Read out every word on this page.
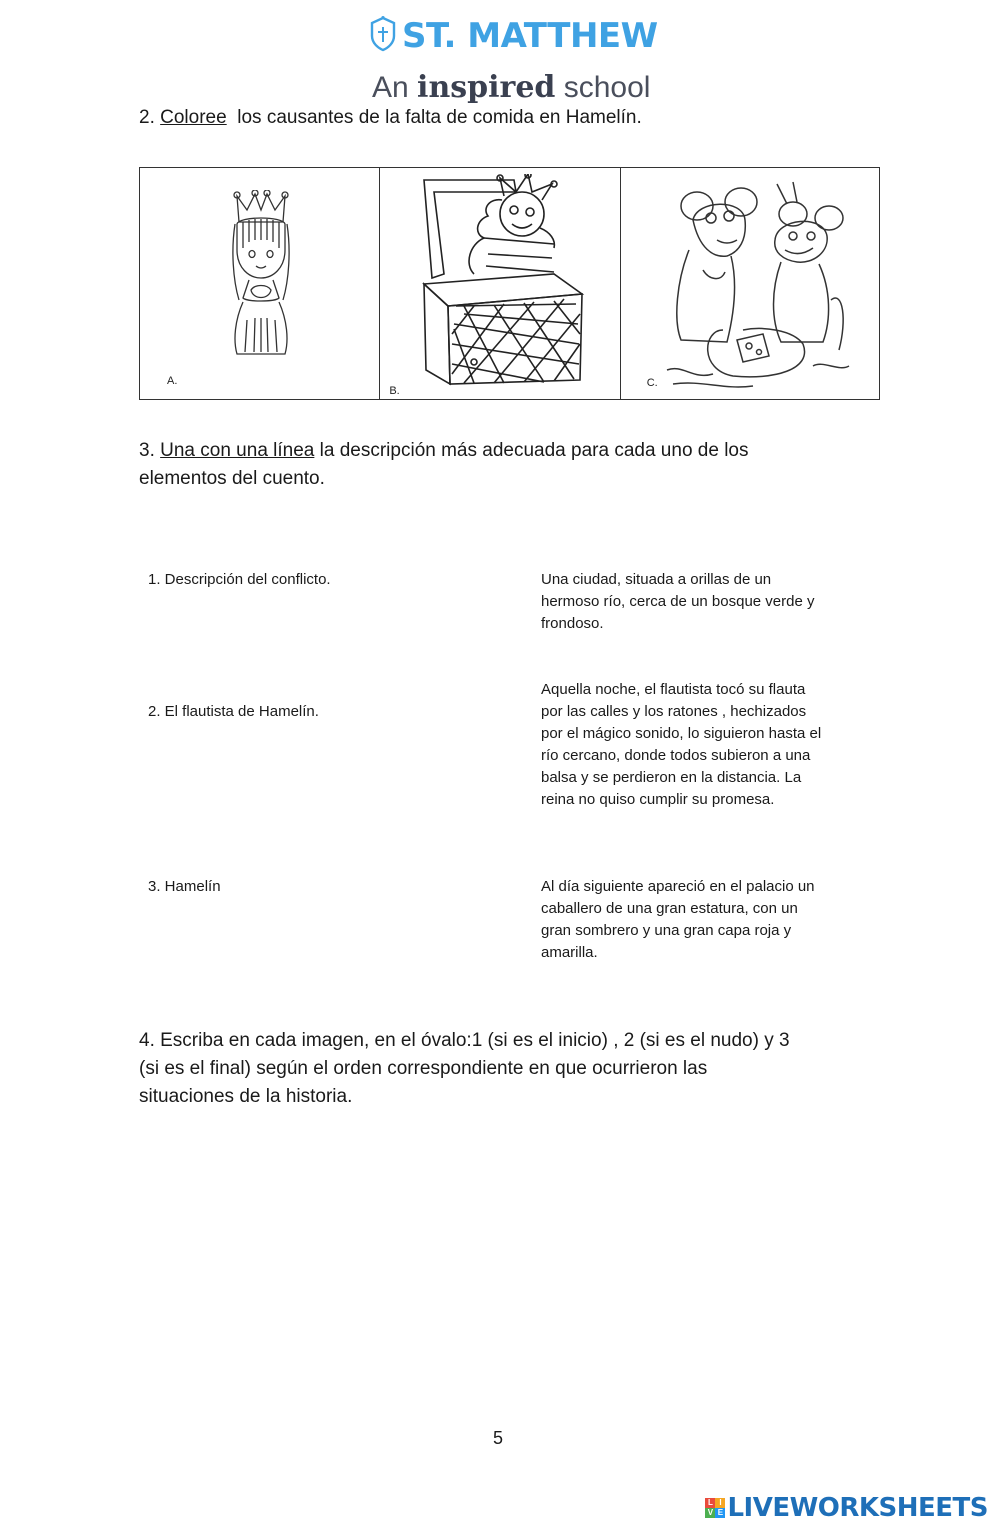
ST. MATTHEW
An inspired school
2. Coloree los causantes de la falta de comida en Hamelín.
A.
B.
C.
3. Una con una línea la descripción más adecuada para cada uno de los
elementos del cuento.
1. Descripción del conflicto.
2. El flautista de Hamelín.
3. Hamelín
Una ciudad, situada a orillas de un
hermoso río, cerca de un bosque verde y
frondoso.
Aquella noche, el flautista tocó su flauta
por las calles y los ratones , hechizados
por el mágico sonido, lo siguieron hasta el
río cercano, donde todos subieron a una
balsa y se perdieron en la distancia. La
reina no quiso cumplir su promesa.
Al día siguiente apareció en el palacio un
caballero de una gran estatura, con un
gran sombrero y una gran capa roja y
amarilla.
4. Escriba en cada imagen, en el óvalo:1 (si es el inicio) , 2 (si es el nudo) y 3
(si es el final) según el orden correspondiente en que ocurrieron las
situaciones de la historia.
5
L I
V E LIVEWORKSHEETS
